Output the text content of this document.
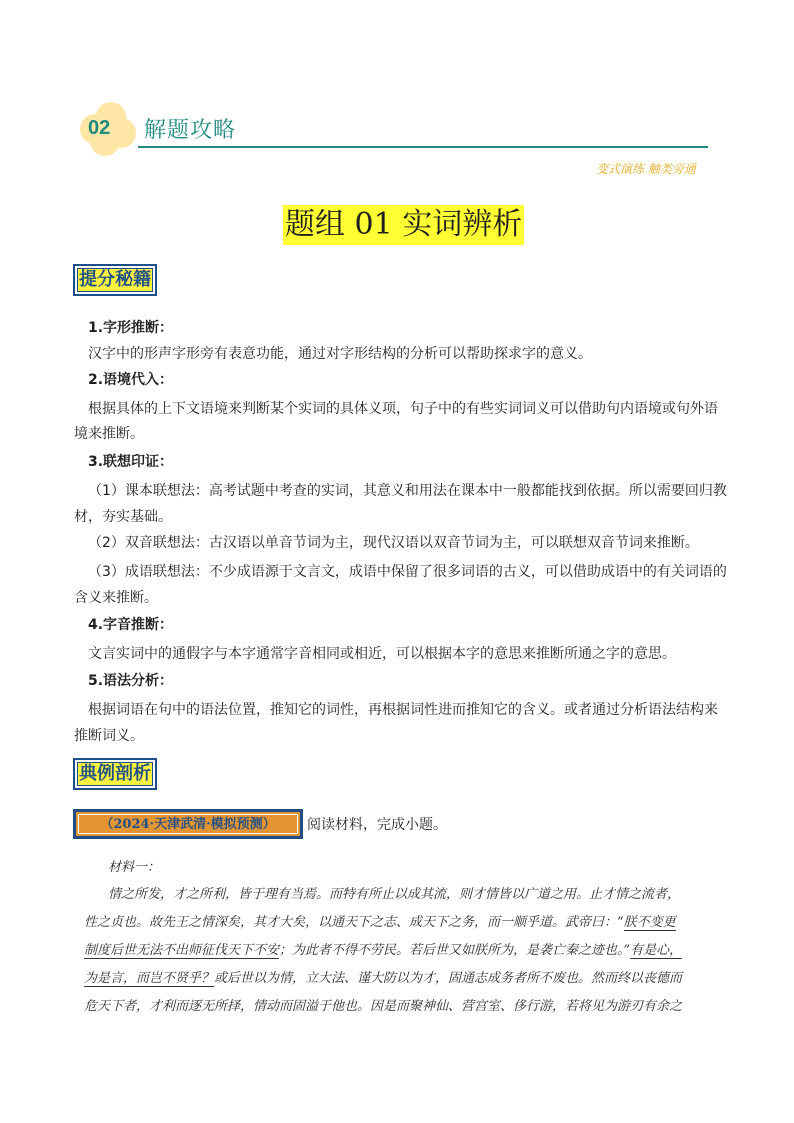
02 解题攻略
变式演练 触类旁通
题组 01 实词辨析
提分秘籍
1.字形推断：
汉字中的形声字形旁有表意功能，通过对字形结构的分析可以帮助探求字的意义。
2.语境代入：
根据具体的上下文语境来判断某个实词的具体义项，句子中的有些实词词义可以借助句内语境或句外语
境来推断。
3.联想印证：
（1）课本联想法：高考试题中考查的实词，其意义和用法在课本中一般都能找到依据。所以需要回归教
材，夯实基础。
（2）双音联想法：古汉语以单音节词为主，现代汉语以双音节词为主，可以联想双音节词来推断。
（3）成语联想法：不少成语源于文言文，成语中保留了很多词语的古义，可以借助成语中的有关词语的
含义来推断。
4.字音推断：
文言实词中的通假字与本字通常字音相同或相近，可以根据本字的意思来推断所通之字的意思。
5.语法分析：
根据词语在句中的语法位置，推知它的词性，再根据词性进而推知它的含义。或者通过分析语法结构来
推断词义。
典例剖析
（2024·天津武清·模拟预测）	阅读材料，完成小题。
材料一：
情之所发，才之所利，皆于理有当焉。而特有所止以成其流，则才情皆以广道之用。止才情之流者，
性之贞也。故先王之情深矣，其才大矣，以通天下之志、成天下之务，而一顺乎道。武帝曰：“朕不变更
制度后世无法不出师征伐天下不安；为此者不得不劳民。若后世又如朕所为，是袭亡秦之迹也。”有是心，
为是言，而岂不贤乎？或后世以为情，立大法、谨大防以为才，固通志成务者所不废也。然而终以丧德而
危天下者，才利而逐无所择，情动而固溢于他也。因是而聚神仙、营宫室、侈行游，若将见为游刃有余之
